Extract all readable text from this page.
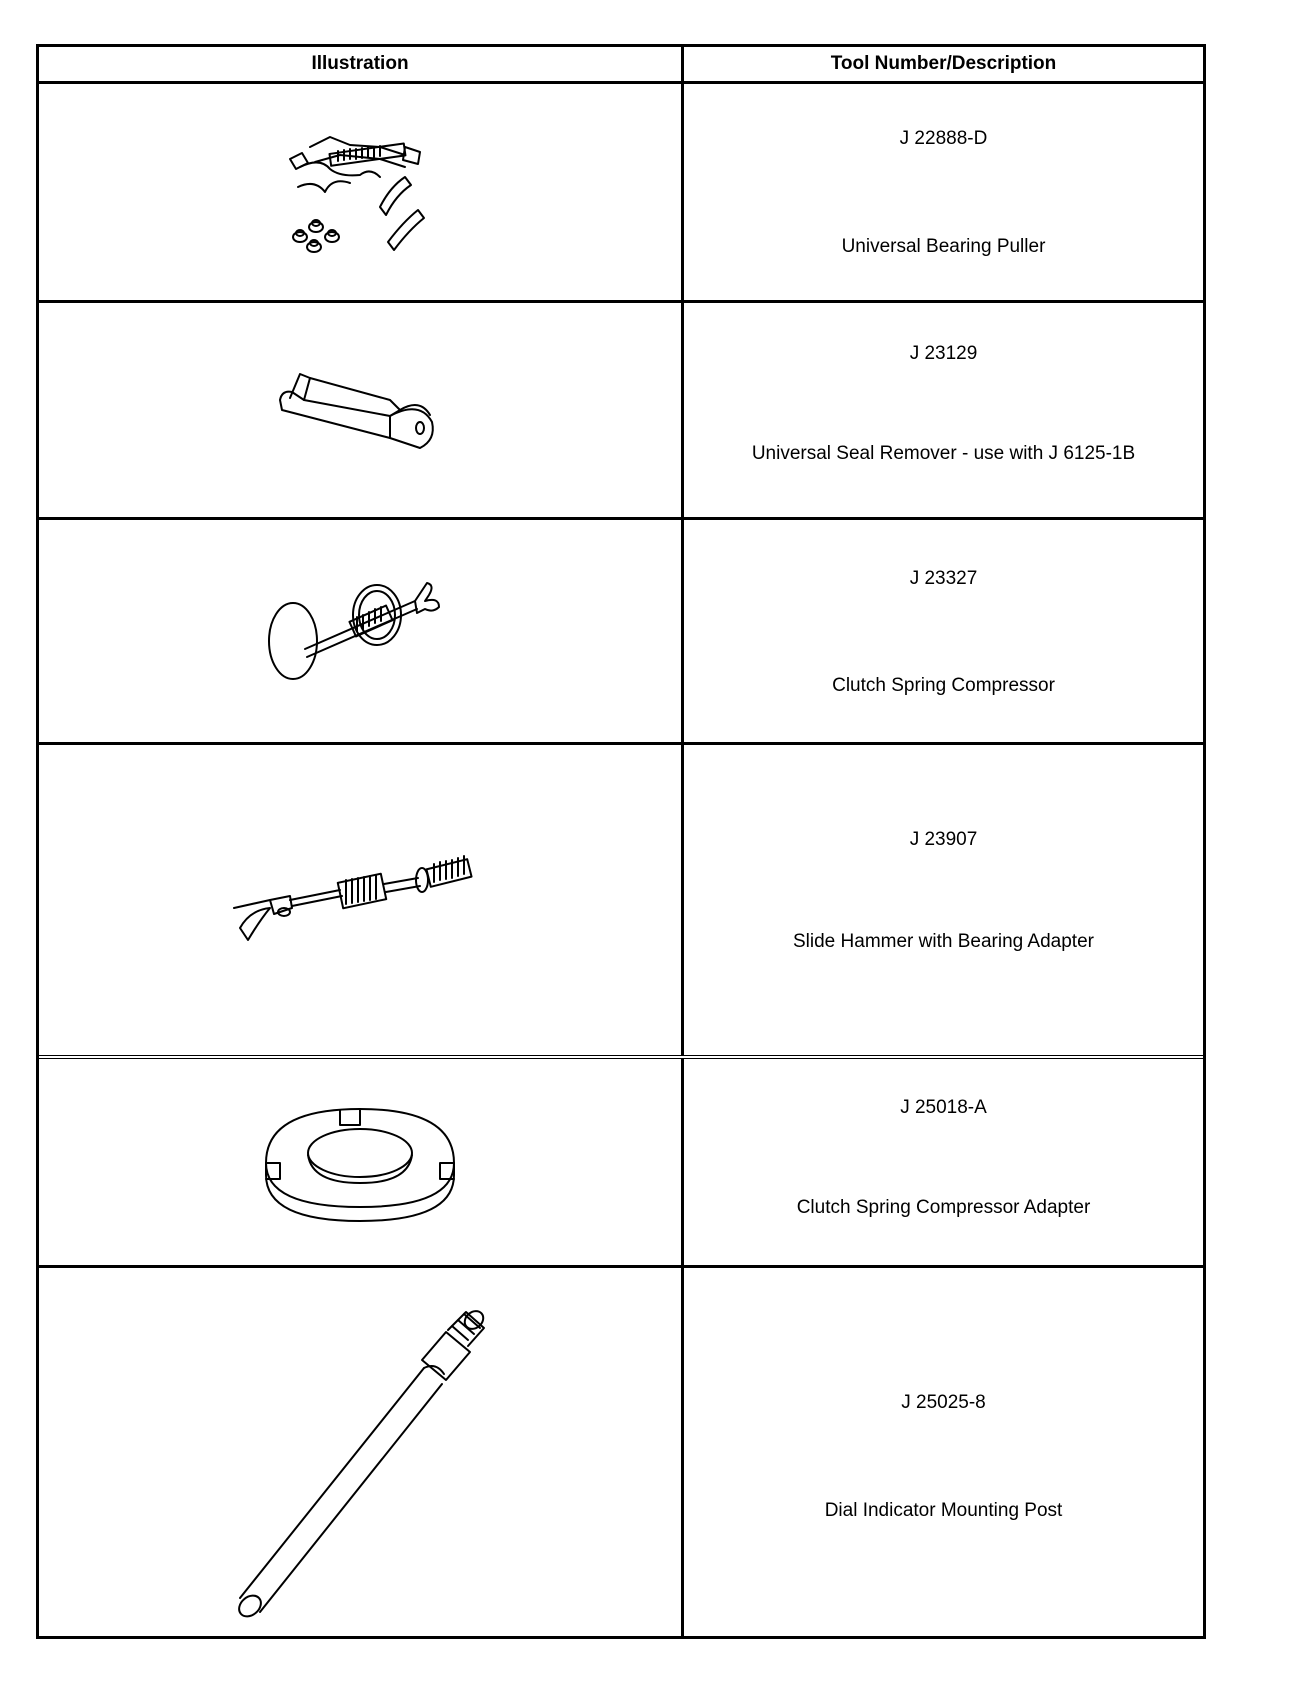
Illustration	Tool Number/Description
J 22888-D
Universal Bearing Puller
J 23129
Universal Seal Remover - use with J 6125-1B
J 23327
Clutch Spring Compressor
J 23907
Slide Hammer with Bearing Adapter
J 25018-A
Clutch Spring Compressor Adapter
J 25025-8
Dial Indicator Mounting Post
